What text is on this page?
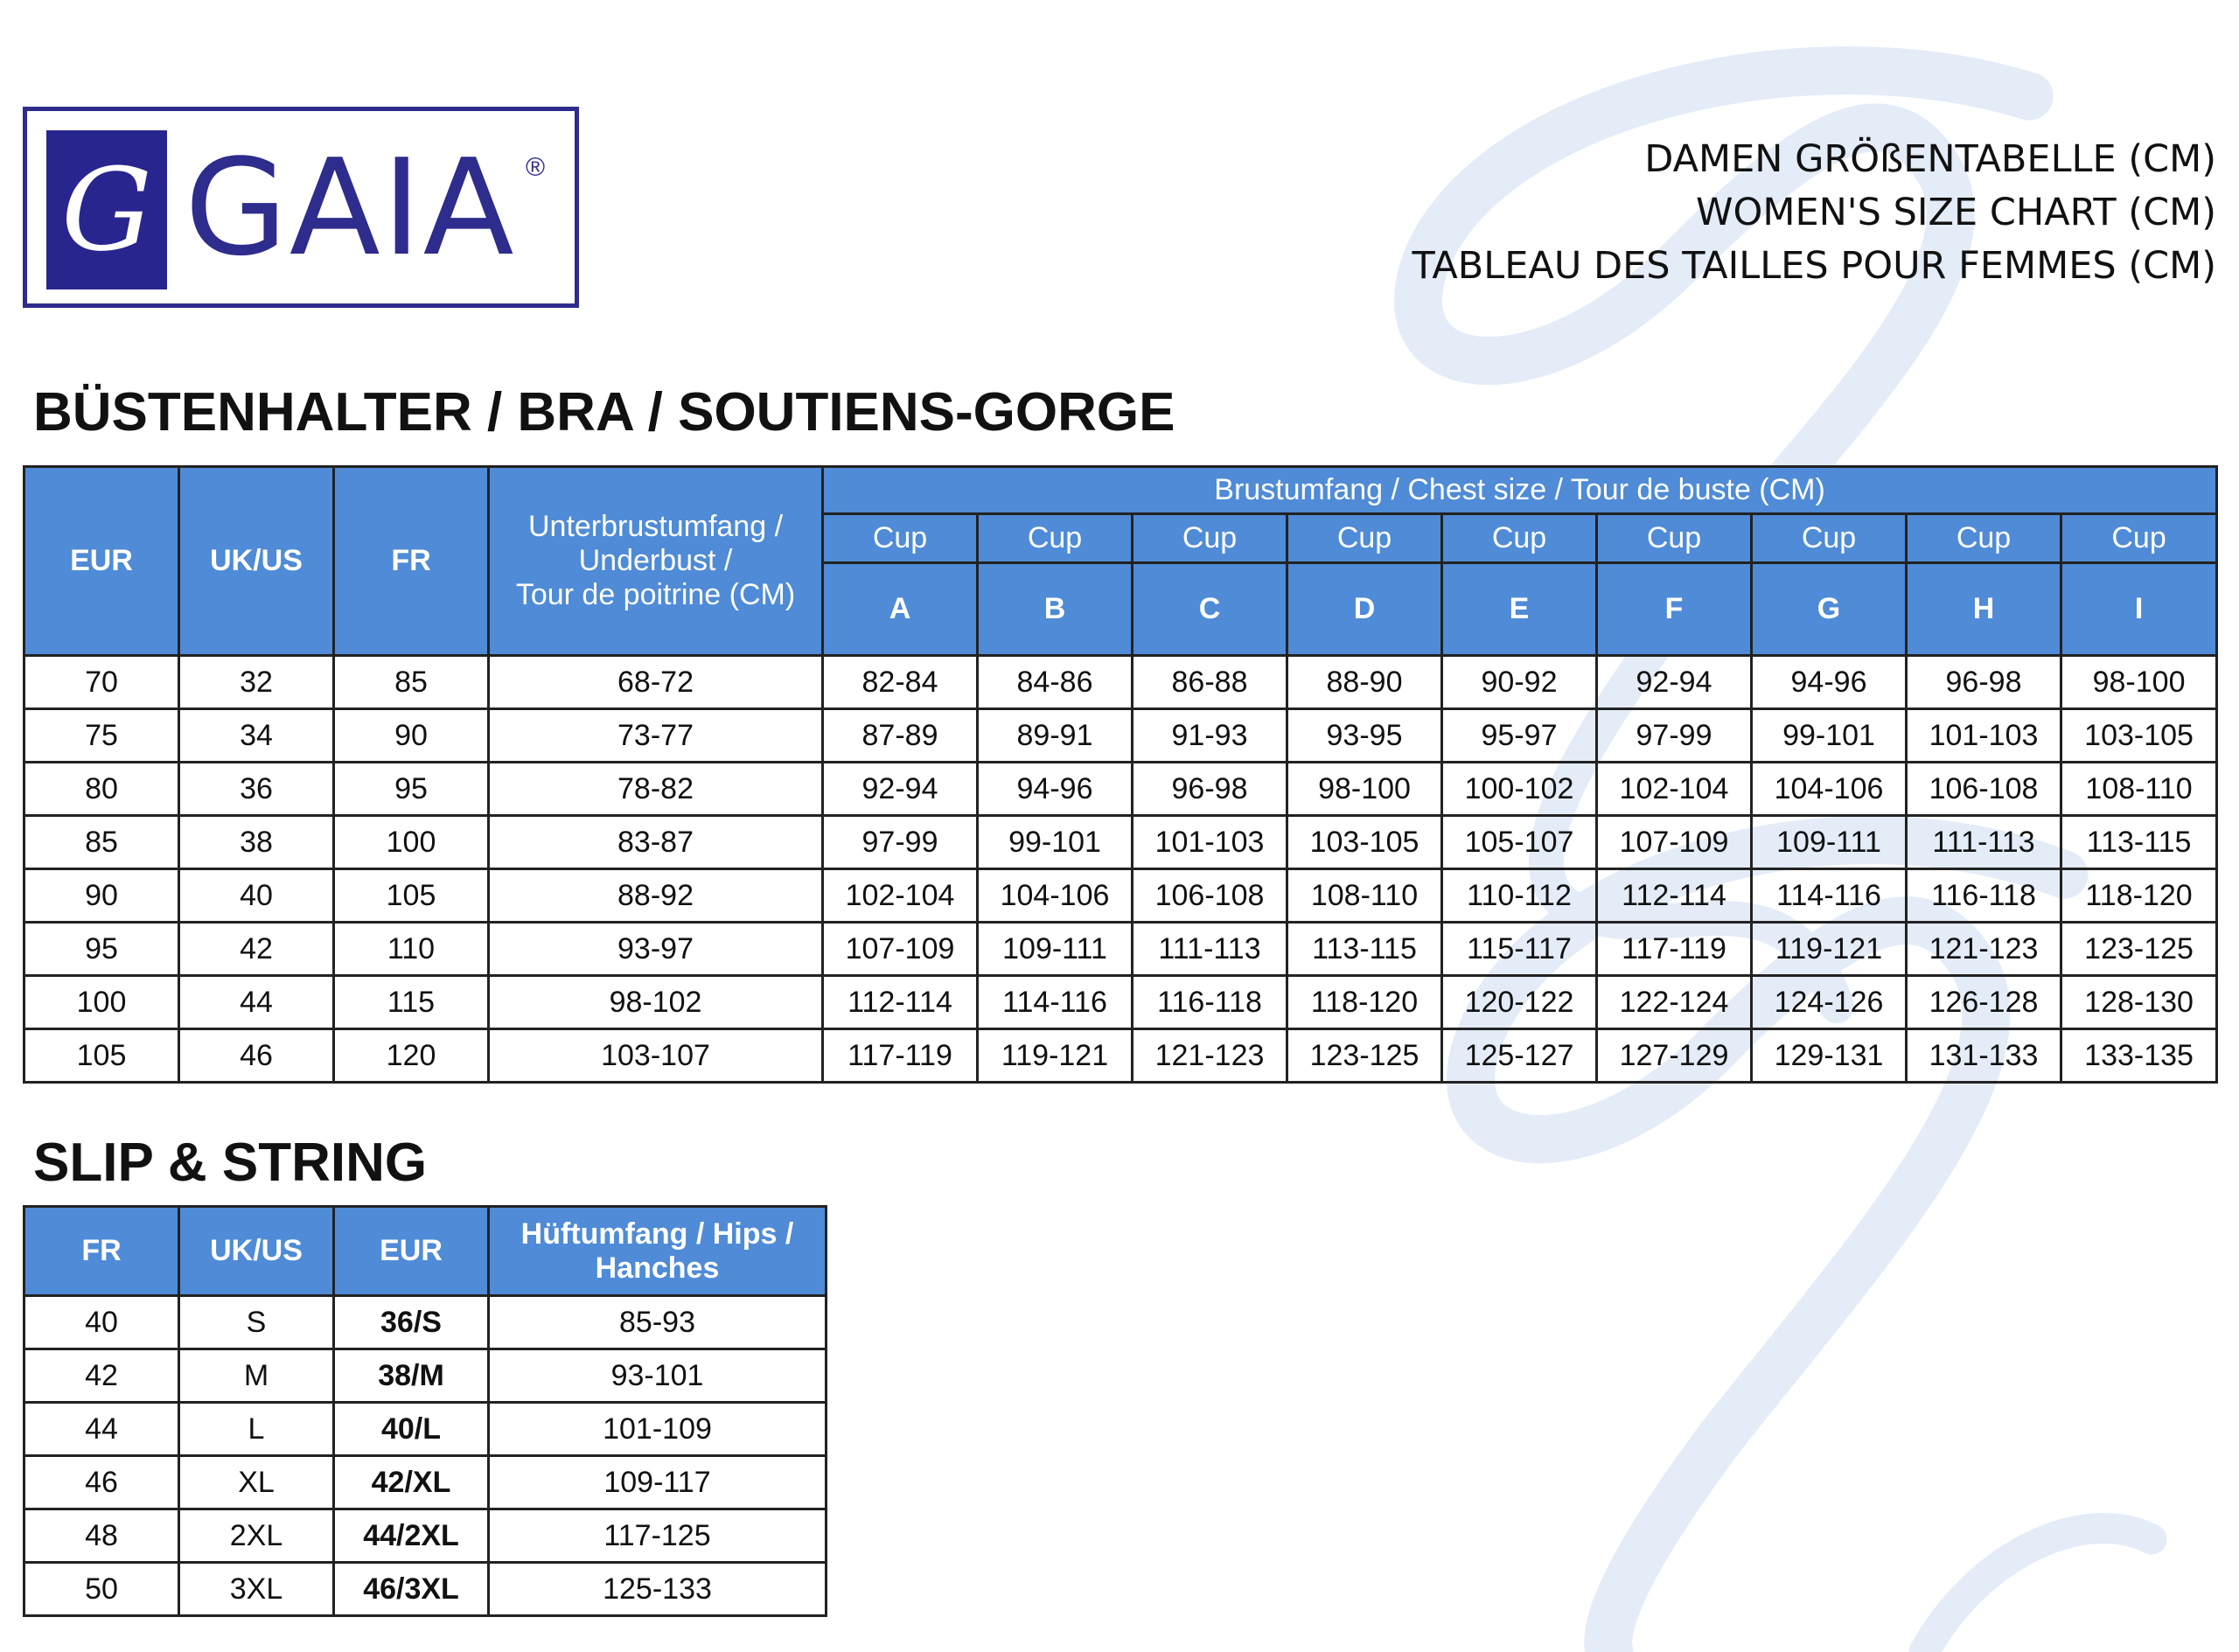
G GAIA ®	DAMEN GRÖßENTABELLE (CM)
WOMEN'S SIZE CHART (CM)
TABLEAU DES TAILLES POUR FEMMES (CM)
BÜSTENHALTER / BRA / SOUTIENS-GORGE
EUR	UK/US	FR	Unterbrustumfang /
Underbust /
Tour de poitrine (CM)	Brustumfang / Chest size / Tour de buste (CM)								
				Cup	Cup	Cup	Cup	Cup	Cup	Cup	Cup	Cup
				A	B	C	D	E	F	G	H	I
70	32	85	68-72	82-84	84-86	86-88	88-90	90-92	92-94	94-96	96-98	98-100
75	34	90	73-77	87-89	89-91	91-93	93-95	95-97	97-99	99-101	101-103	103-105
80	36	95	78-82	92-94	94-96	96-98	98-100	100-102	102-104	104-106	106-108	108-110
85	38	100	83-87	97-99	99-101	101-103	103-105	105-107	107-109	109-111	111-113	113-115
90	40	105	88-92	102-104	104-106	106-108	108-110	110-112	112-114	114-116	116-118	118-120
95	42	110	93-97	107-109	109-111	111-113	113-115	115-117	117-119	119-121	121-123	123-125
100	44	115	98-102	112-114	114-116	116-118	118-120	120-122	122-124	124-126	126-128	128-130
105	46	120	103-107	117-119	119-121	121-123	123-125	125-127	127-129	129-131	131-133	133-135
SLIP & STRING
FR	UK/US	EUR	Hüftumfang / Hips / Hanches
40	S	36/S	85-93
42	M	38/M	93-101
44	L	40/L	101-109
46	XL	42/XL	109-117
48	2XL	44/2XL	117-125
50	3XL	46/3XL	125-133
